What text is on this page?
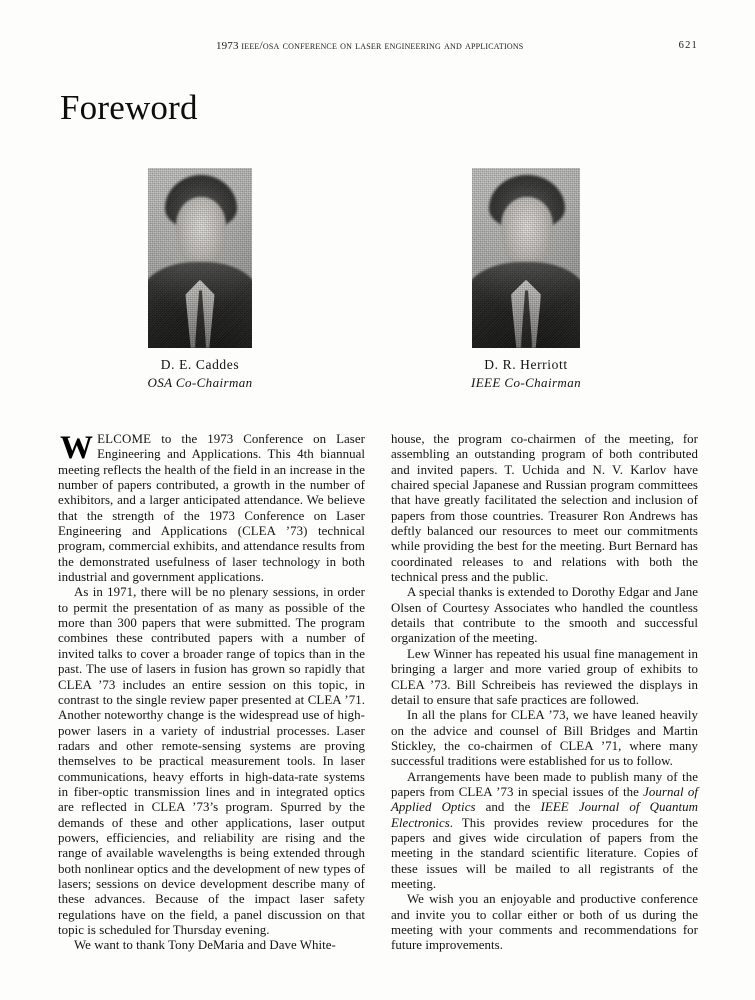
1973 ieee/osa conference on laser engineering and applications	621
Foreword
D. E. Caddes
OSA Co-Chairman
D. R. Herriott
IEEE Co-Chairman

WELCOME to the 1973 Conference on Laser Engineering and Applications. This 4th biannual meeting reflects the health of the field in an increase in the number of papers contributed, a growth in the number of exhibitors, and a larger anticipated attendance. We believe that the strength of the 1973 Conference on Laser Engineering and Applications (CLEA ’73) technical program, commercial exhibits, and attendance results from the demonstrated usefulness of laser technology in both industrial and government applications.

As in 1971, there will be no plenary sessions, in order to permit the presentation of as many as possible of the more than 300 papers that were submitted. The program combines these contributed papers with a number of invited talks to cover a broader range of topics than in the past. The use of lasers in fusion has grown so rapidly that CLEA ’73 includes an entire session on this topic, in contrast to the single review paper presented at CLEA ’71. Another noteworthy change is the widespread use of high-power lasers in a variety of industrial processes. Laser radars and other remote-sensing systems are proving themselves to be practical measurement tools. In laser communications, heavy efforts in high-data-rate systems in fiber-optic transmission lines and in integrated optics are reflected in CLEA ’73’s program. Spurred by the demands of these and other applications, laser output powers, efficiencies, and reliability are rising and the range of available wavelengths is being extended through both nonlinear optics and the development of new types of lasers; sessions on device development describe many of these advances. Because of the impact laser safety regulations have on the field, a panel discussion on that topic is scheduled for Thursday evening.

We want to thank Tony DeMaria and Dave White-

house, the program co-chairmen of the meeting, for assembling an outstanding program of both contributed and invited papers. T. Uchida and N. V. Karlov have chaired special Japanese and Russian program committees that have greatly facilitated the selection and inclusion of papers from those countries. Treasurer Ron Andrews has deftly balanced our resources to meet our commitments while providing the best for the meeting. Burt Bernard has coordinated releases to and relations with both the technical press and the public.

A special thanks is extended to Dorothy Edgar and Jane Olsen of Courtesy Associates who handled the countless details that contribute to the smooth and successful organization of the meeting.

Lew Winner has repeated his usual fine management in bringing a larger and more varied group of exhibits to CLEA ’73. Bill Schreibeis has reviewed the displays in detail to ensure that safe practices are followed.

In all the plans for CLEA ’73, we have leaned heavily on the advice and counsel of Bill Bridges and Martin Stickley, the co-chairmen of CLEA ’71, where many successful traditions were established for us to follow.

Arrangements have been made to publish many of the papers from CLEA ’73 in special issues of the Journal of Applied Optics and the IEEE Journal of Quantum Electronics. This provides review procedures for the papers and gives wide circulation of papers from the meeting in the standard scientific literature. Copies of these issues will be mailed to all registrants of the meeting.

We wish you an enjoyable and productive conference and invite you to collar either or both of us during the meeting with your comments and recommendations for future improvements.
